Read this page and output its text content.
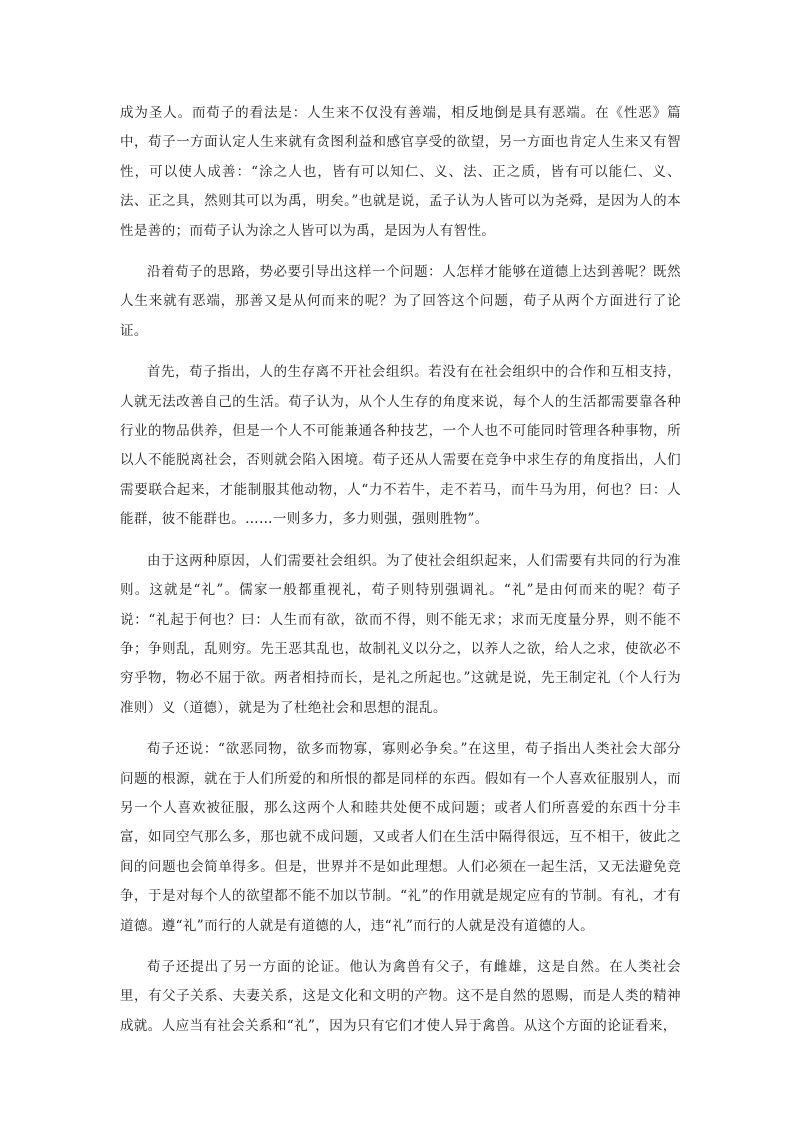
成为圣人。而荀子的看法是：人生来不仅没有善端，相反地倒是具有恶端。在《性恶》篇中，荀子一方面认定人生来就有贪图利益和感官享受的欲望，另一方面也肯定人生来又有智性，可以使人成善：“涂之人也，皆有可以知仁、义、法、正之质，皆有可以能仁、义、法、正之具，然则其可以为禹，明矣。”也就是说，孟子认为人皆可以为尧舜，是因为人的本性是善的；而荀子认为涂之人皆可以为禹，是因为人有智性。

沿着荀子的思路，势必要引导出这样一个问题：人怎样才能够在道德上达到善呢？既然人生来就有恶端，那善又是从何而来的呢？为了回答这个问题，荀子从两个方面进行了论证。

首先，荀子指出，人的生存离不开社会组织。若没有在社会组织中的合作和互相支持，人就无法改善自己的生活。荀子认为，从个人生存的角度来说，每个人的生活都需要靠各种行业的物品供养，但是一个人不可能兼通各种技艺，一个人也不可能同时管理各种事物，所以人不能脱离社会，否则就会陷入困境。荀子还从人需要在竞争中求生存的角度指出，人们需要联合起来，才能制服其他动物，人“力不若牛，走不若马，而牛马为用，何也？曰：人能群，彼不能群也。……一则多力，多力则强，强则胜物”。

由于这两种原因，人们需要社会组织。为了使社会组织起来，人们需要有共同的行为准则。这就是“礼”。儒家一般都重视礼，荀子则特别强调礼。“礼”是由何而来的呢？荀子说：“礼起于何也？曰：人生而有欲，欲而不得，则不能无求；求而无度量分界，则不能不争；争则乱，乱则穷。先王恶其乱也，故制礼义以分之，以养人之欲，给人之求，使欲必不穷乎物，物必不屈于欲。两者相持而长，是礼之所起也。”这就是说，先王制定礼（个人行为准则）义（道德），就是为了杜绝社会和思想的混乱。

荀子还说：“欲恶同物，欲多而物寡，寡则必争矣。”在这里，荀子指出人类社会大部分问题的根源，就在于人们所爱的和所恨的都是同样的东西。假如有一个人喜欢征服别人，而另一个人喜欢被征服，那么这两个人和睦共处便不成问题；或者人们所喜爱的东西十分丰富，如同空气那么多，那也就不成问题，又或者人们在生活中隔得很远，互不相干，彼此之间的问题也会简单得多。但是，世界并不是如此理想。人们必须在一起生活，又无法避免竞争，于是对每个人的欲望都不能不加以节制。“礼”的作用就是规定应有的节制。有礼，才有道德。遵“礼”而行的人就是有道德的人，违“礼”而行的人就是没有道德的人。

荀子还提出了另一方面的论证。他认为禽兽有父子，有雌雄，这是自然。在人类社会里，有父子关系、夫妻关系，这是文化和文明的产物。这不是自然的恩赐，而是人类的精神成就。人应当有社会关系和“礼”，因为只有它们才使人异于禽兽。从这个方面的论证看来，
